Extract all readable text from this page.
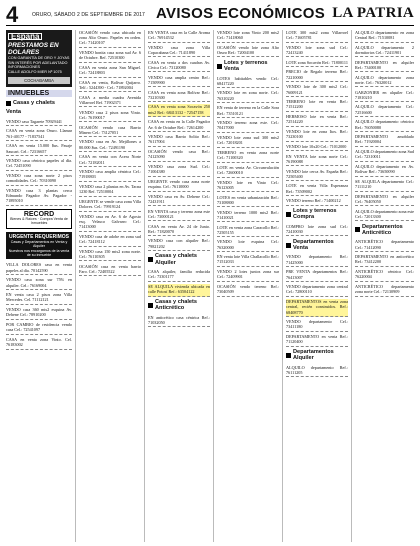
4	ORURO, SÁBADO 2 DE SEPTIEMBRE DE 2017 AVISOS ECONÓMICOS LA PATRIA
España
PRESTAMOS EN DOLARES
CON GARANTÍA DE ORO Y JOYAS
SIN INTERÉS POR ADELANTADO
INFORMACIONES
CALLE ADOLFO MIER Nº 1075
COCHABAMBA
INMUEBLES
Casas y chalets
Venta
VENDO casa Tagarete 70929441
CASA en venta zona Oruro. Llamar 761-40177 - 71837541
CASA en venta 15.000 $us. Pasaje Saucari. Cel.: 72316657
VENDO casa céntrica papeles al día. Cel. 72451090
VENDO casa zona norte 2 pisos comodidades. Cel.: 70310090
VENDO casa 3 plantas cerca Edmundo Pagador Av. Pagador - 71895010
RECORD
Bienes & Raíces · Compra Venta de Inmuebles
URGENTE REQUERIMOS
Casas y Departamentos en Venta y Alquiler
Nuestros nos encargamos de la venta de su inmueble
VILLA DOLORES casa en venta papeles al día. 70142590
VENDO casa zona sur 75% en alquiler. Cel.: 76169004
EN venta casa 2 pisos zona Villa Mercedes. Cel. 71112121
VENDO casa 360 mts2 esquina Av. Dehene Cel.: 78910200
POR CAMBIO de residencia vendo casa Cel.: 72541097
CASA en venta zona Vinto. Cel. 76183002
OCASIÓN vendo casa ubicada en zona Alto Oruro. Papeles en orden. Cel.: 71420107
VENDO bonita casa zona sud Av. 6 de Octubre. Ref. 72510300
CASA en venta zona San Miguel. Cel.: 72418803
CASA en venta, Bolívar Quijarro. Telf.: 5244390 - Cel.: 71892004
CASA a media cuadra Avenida Villarroel Ref. 71902371
VENDO casa 2 pisos zona Vinto. Cel.: 76190017
OCASIÓN vendo casa Barrio Minero Cel.: 73127051
VENDO casa en Av. Mejillones a 80.000 $us. Cel.: 72491190
CASA en venta con Acera Norte Cel.: 72182011
VENDO casa amplia céntrica Cel.: 71918803
VENDO casa 2 plantas en Av. Tacna 1230 Ref. 72510004
URGENTE se vende casa zona Villa Dolores. Cel.: 79919124
VENDO casa en Av. 6 de Agosto esq. Velasco Galvarro Cel.: 71413000
VENDO casa de adobe en zona sud Cel.: 72418112
VENDO casa 150 mts2 zona norte. Cel.: 76110305
OCASIÓN casa en venta barrio Faro. Cel.: 72405522
EN VENTA casa en la Calle Aroma Cel.: 76914532
VENDO casa zona Villa Copacabana Cel.: 71411890
CASA en venta a dos cuadras Av. Cívica Cel.: 73120080
VENDO casa amplia centro Ref.: 71509900
CASA en venta zona Bolívar Ref.: 73210300
CASA en venta zona Socavón 250 mts2 Ref.: 68413132 - 72547158
CASA en venta en la Calle Pagador Av. 6 de Octubre Ref.: 72614200
VENDO casa Barrio Solito Ref.: 76117004
OCASIÓN vendo casa Ref.: 74125090
VENDO casa zona Sud. Cel.: 71004380
URGENTE vendo casa zona norte esquina. Cel.: 76110000
VENDO casa en Av. Dehene Cel.: 72431911
EN VENTA casa y terreno zona este Cel.: 73000121
CASA en venta Av. 24 de Junio. Ref.: 71820070
VENDO casa con alquiler Ref.: 79821202
Casas y chalets Alquiler
CASA alquiler, familia reducida Cel.: 73301177
SE ALQUILA vivienda ubicada en calle Potosí Ref.: 63504122
Casas y chalets Anticrético
EN anticrético casa céntrica Ref.: 71032050
VENDO lote zona Vinto 200 mts2 Cel.: 71418060
OCASIÓN vendo lote zona Alto Oruro Ref.: 72004100
Lotes y terrenos Venta
LOTES habitables vendo Cel.: 68417220
VENDO lote en zona norte. Cel.: 76310220
EN venta de terreno en la Calle Sora Ref.: 73510121
VENDO terreno zona este. Cel.: 70417000
VENDO lote zona sud 300 mts2 Cel.: 72018201
TERRENO en venta zona norte Cel.: 71100320
LOTE en venta Av. Circunvalación Cel.: 72600010
VENDO lote en Vinto Cel.: 76123005
LOTES en venta urbanización Ref.: 73108800
VENDO terreno 1000 mts2 Ref.: 71410021
LOTE en venta zona Caracollo Ref.: 72505155
VENDO lote esquina Cel.: 76320000
EN venta lote Villa Challacollo Ref.: 71512033
VENDO 2 lotes juntos zona sur Cel.: 72409901
OCASIÓN vendo terreno Ref.: 73040509
LOTE 300 mts2 zona Villarroel Cel.: 71605781
VENDO lote zona sud Cel.: 72413240
LOTE zona Socavón Ref.: 71800111
PRECIO de Regalo terreno Ref.: 72210000
VENDO lote de 300 mts2 Cel.: 76009121
TERRENO lote en venta Ref.: 71512200
HERMOSO lote en venta Ref.: 72514220
VENDO lote en zona Itos. Ref.: 73230100
VENDO lote 10x20 Cel.: 71012000
EN VENTA lote zona norte Cel.: 76190088
VENDO lote cerca Av. España Ref.: 72505400
LOTE en venta Villa Esperanza Ref.: 73509002
VENDO terreno Ref.: 71400212
Lotes y terrenos Compra
COMPRO lote zona sud Cel.: 72410030
Departamentos Venta
VENDO departamento Ref.: 71425000
PRE VENTA departamentos Ref.: 76413007
VENDO departamento zona central Cel.: 72800110
DEPARTAMENTOS en venta zona central, recién construidos. Ref.: 68408770
VENDO departamento Cel.: 73411180
DEPARTAMENTO en venta Ref.: 71120400
Departamentos Alquiler
ALQUILO departamento Ref.: 76111205
ALQUILO departamento en zona Central Ref.: 71510081
ALQUILO departamento 2 dormitorios Cel.: 72411901
DEPARTAMENTO en alquiler Ref.: 73400100
ALQUILO departamento zona norte. Cel.: 76320012
GARZONIER en alquiler Cel.: 71810210
ALQUILO departamento Cel.: 72516600
ALQUILO departamento céntrico Ref.: 76050080
DEPARTAMENTO amoblado Ref.: 71920004
ALQUILO departamento zona Sud Cel.: 72310011
ALQUILO departamento en Av. Bolívar Ref.: 73650090
SE ALQUILA departamento Cel.: 71111210
DEPARTAMENTO en alquiler Cel.: 76405050
ALQUILO departamento zona este Cel.: 72013300
Departamentos Anticrético
ANTICRÉTICO departamento Cel.: 71412090
DEPARTAMENTO en anticrético Ref.: 73412200
ANTICRÉTICO céntrico Cel.: 76220004
ANTICRÉTICO departamento zona norte Cel.: 72130909
